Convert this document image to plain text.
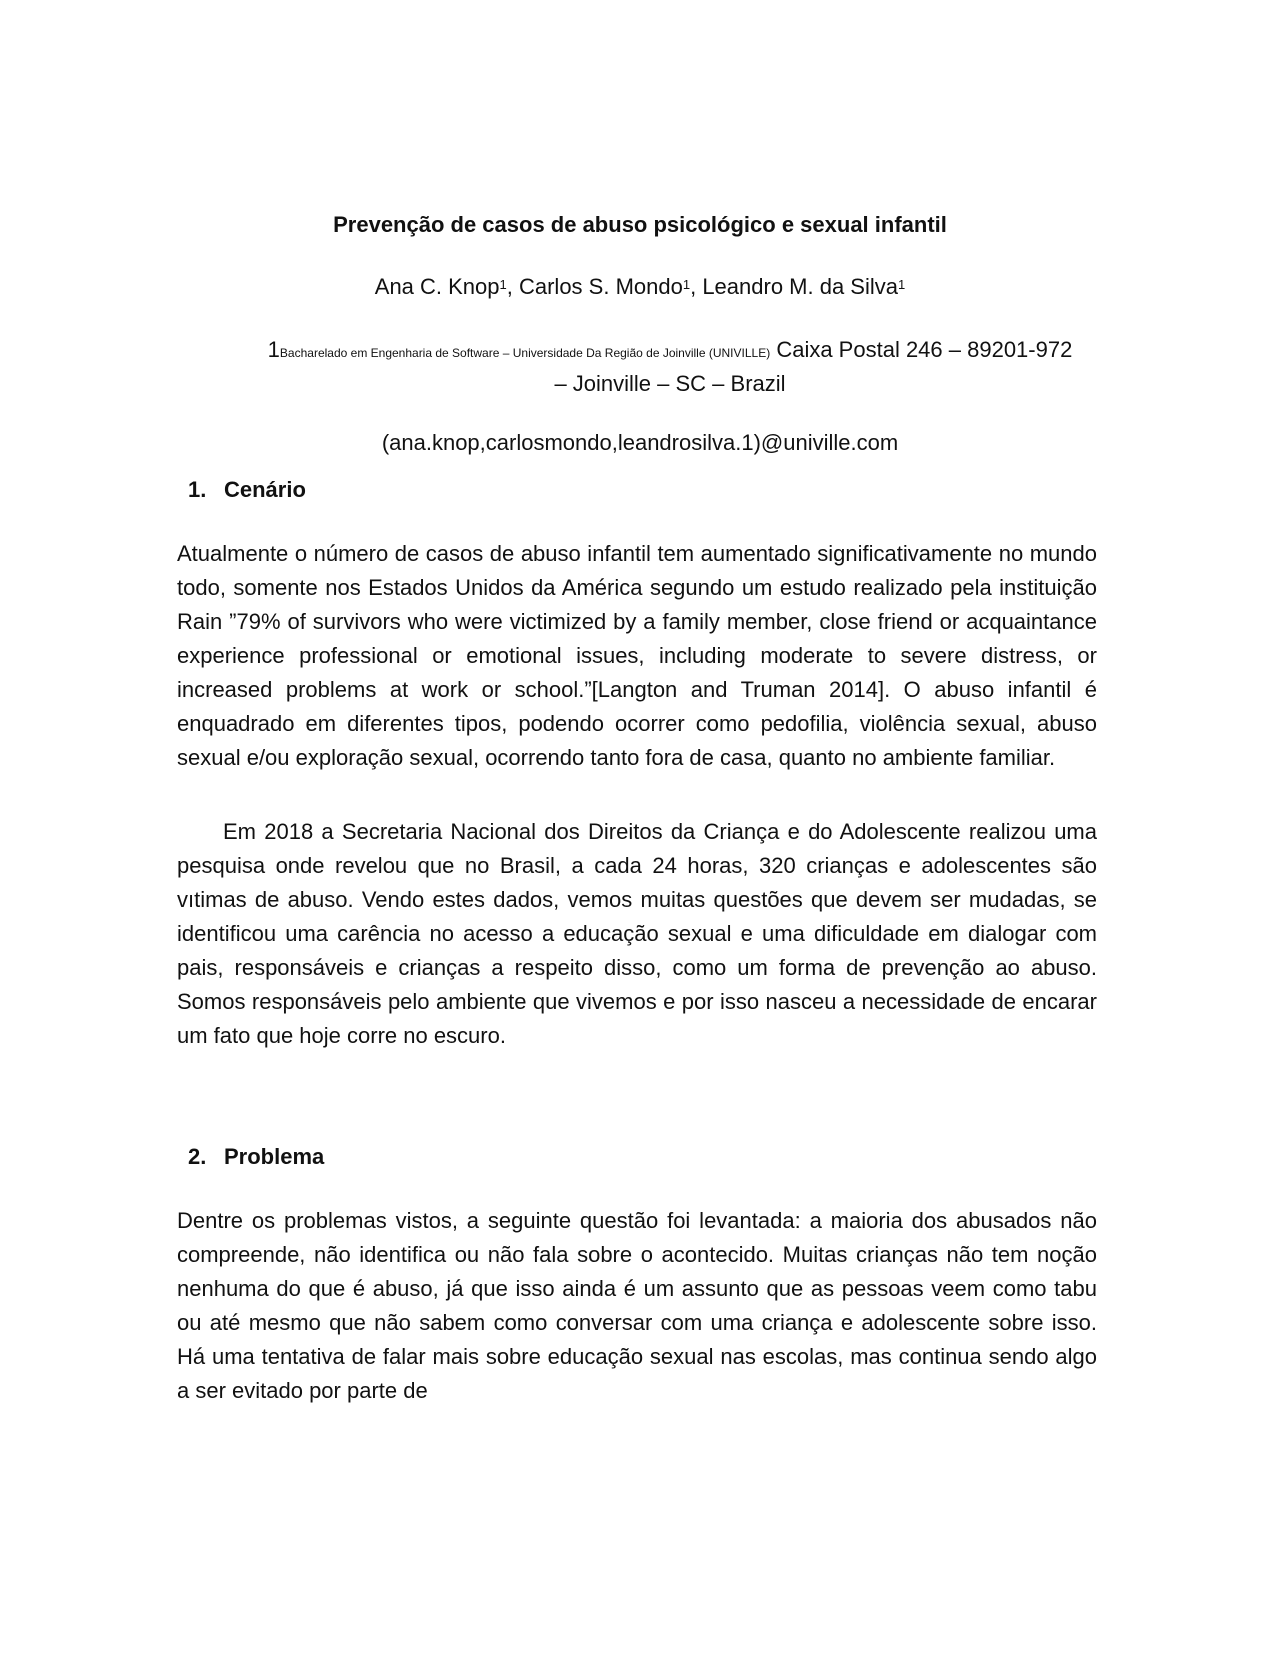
Prevenção de casos de abuso psicológico e sexual infantil
Ana C. Knop$^1$, Carlos S. Mondo$^1$, Leandro M. da Silva$^1$
1Bacharelado em Engenharia de Software – Universidade Da Região de Joinville (UNIVILLE) Caixa Postal 246 – 89201-972
– Joinville – SC – Brazil
(ana.knop,carlosmondo,leandrosilva.1)@univille.com
1. Cenário

Atualmente o número de casos de abuso infantil tem aumentado significativamente no mundo todo, somente nos Estados Unidos da América segundo um estudo realizado pela instituição Rain ”79% of survivors who were victimized by a family member, close friend or acquaintance experience professional or emotional issues, including moderate to severe distress, or increased problems at work or school.”[Langton and Truman 2014]. O abuso infantil é enquadrado em diferentes tipos, podendo ocorrer como pedofilia, violência sexual, abuso sexual e/ou exploração sexual, ocorrendo tanto fora de casa, quanto no ambiente familiar.

Em 2018 a Secretaria Nacional dos Direitos da Criança e do Adolescente realizou uma pesquisa onde revelou que no Brasil, a cada 24 horas, 320 crianças e adolescentes são vıtimas de abuso. Vendo estes dados, vemos muitas questões que devem ser mudadas, se identificou uma carência no acesso a educação sexual e uma dificuldade em dialogar com pais, responsáveis e crianças a respeito disso, como um forma de prevenção ao abuso. Somos responsáveis pelo ambiente que vivemos e por isso nasceu a necessidade de encarar um fato que hoje corre no escuro.

2. Problema

Dentre os problemas vistos, a seguinte questão foi levantada: a maioria dos abusados não compreende, não identifica ou não fala sobre o acontecido. Muitas crianças não tem noção nenhuma do que é abuso, já que isso ainda é um assunto que as pessoas veem como tabu ou até mesmo que não sabem como conversar com uma criança e adolescente sobre isso. Há uma tentativa de falar mais sobre educação sexual nas escolas, mas continua sendo algo a ser evitado por parte de
